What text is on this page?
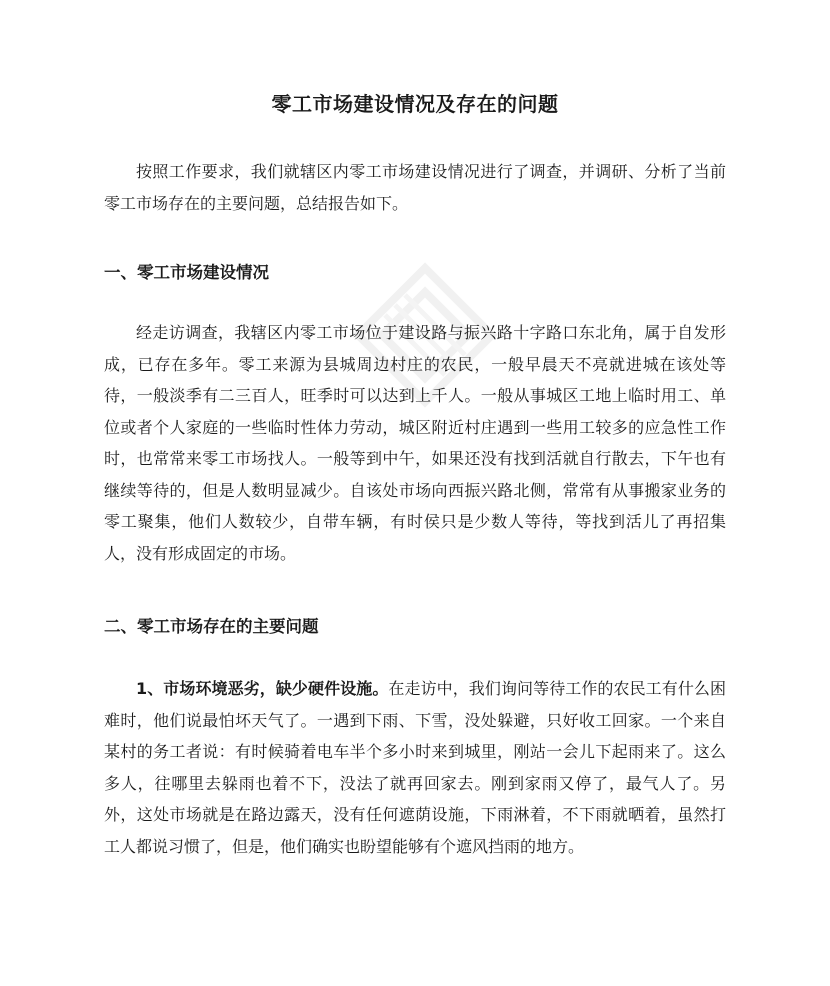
零工市场建设情况及存在的问题

按照工作要求，我们就辖区内零工市场建设情况进行了调查，并调研、分析了当前零工市场存在的主要问题，总结报告如下。

一、零工市场建设情况

经走访调查，我辖区内零工市场位于建设路与振兴路十字路口东北角，属于自发形成，已存在多年。零工来源为县城周边村庄的农民，一般早晨天不亮就进城在该处等待，一般淡季有二三百人，旺季时可以达到上千人。一般从事城区工地上临时用工、单位或者个人家庭的一些临时性体力劳动，城区附近村庄遇到一些用工较多的应急性工作时，也常常来零工市场找人。一般等到中午，如果还没有找到活就自行散去，下午也有继续等待的，但是人数明显减少。自该处市场向西振兴路北侧，常常有从事搬家业务的零工聚集，他们人数较少，自带车辆，有时侯只是少数人等待，等找到活儿了再招集人，没有形成固定的市场。

二、零工市场存在的主要问题

1、市场环境恶劣，缺少硬件设施。在走访中，我们询问等待工作的农民工有什么困难时，他们说最怕坏天气了。一遇到下雨、下雪，没处躲避，只好收工回家。一个来自某村的务工者说：有时候骑着电车半个多小时来到城里，刚站一会儿下起雨来了。这么多人，往哪里去躲雨也着不下，没法了就再回家去。刚到家雨又停了，最气人了。另外，这处市场就是在路边露天，没有任何遮荫设施，下雨淋着，不下雨就晒着，虽然打工人都说习惯了，但是，他们确实也盼望能够有个遮风挡雨的地方。
